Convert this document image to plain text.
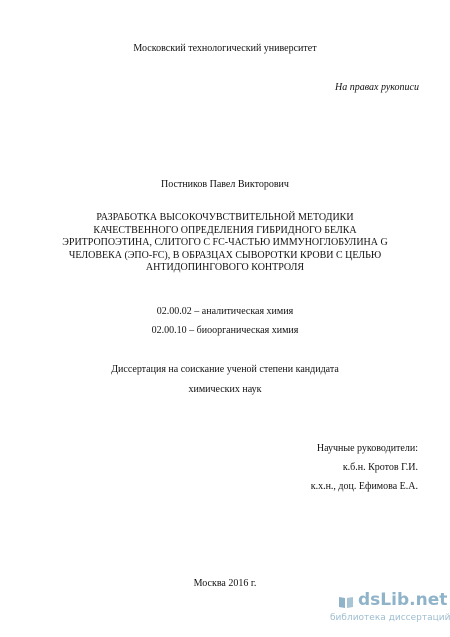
Московский технологический университет
На правах рукописи
Постников Павел Викторович
РАЗРАБОТКА ВЫСОКОЧУВСТВИТЕЛЬНОЙ МЕТОДИКИ
КАЧЕСТВЕННОГО ОПРЕДЕЛЕНИЯ ГИБРИДНОГО БЕЛКА
ЭРИТРОПОЭТИНА, СЛИТОГО С FC-ЧАСТЬЮ ИММУНОГЛОБУЛИНА G
ЧЕЛОВЕКА (ЭПО-FC), В ОБРАЗЦАХ СЫВОРОТКИ КРОВИ С ЦЕЛЬЮ
АНТИДОПИНГОВОГО КОНТРОЛЯ
02.00.02 – аналитическая химия
02.00.10 – биоорганическая химия
Диссертация на соискание ученой степени кандидата
химических наук
Научные руководители:
к.б.н. Кротов Г.И.
к.х.н., доц. Ефимова Е.А.
Москва 2016 г.
dsLib.net
библиотека диссертаций
